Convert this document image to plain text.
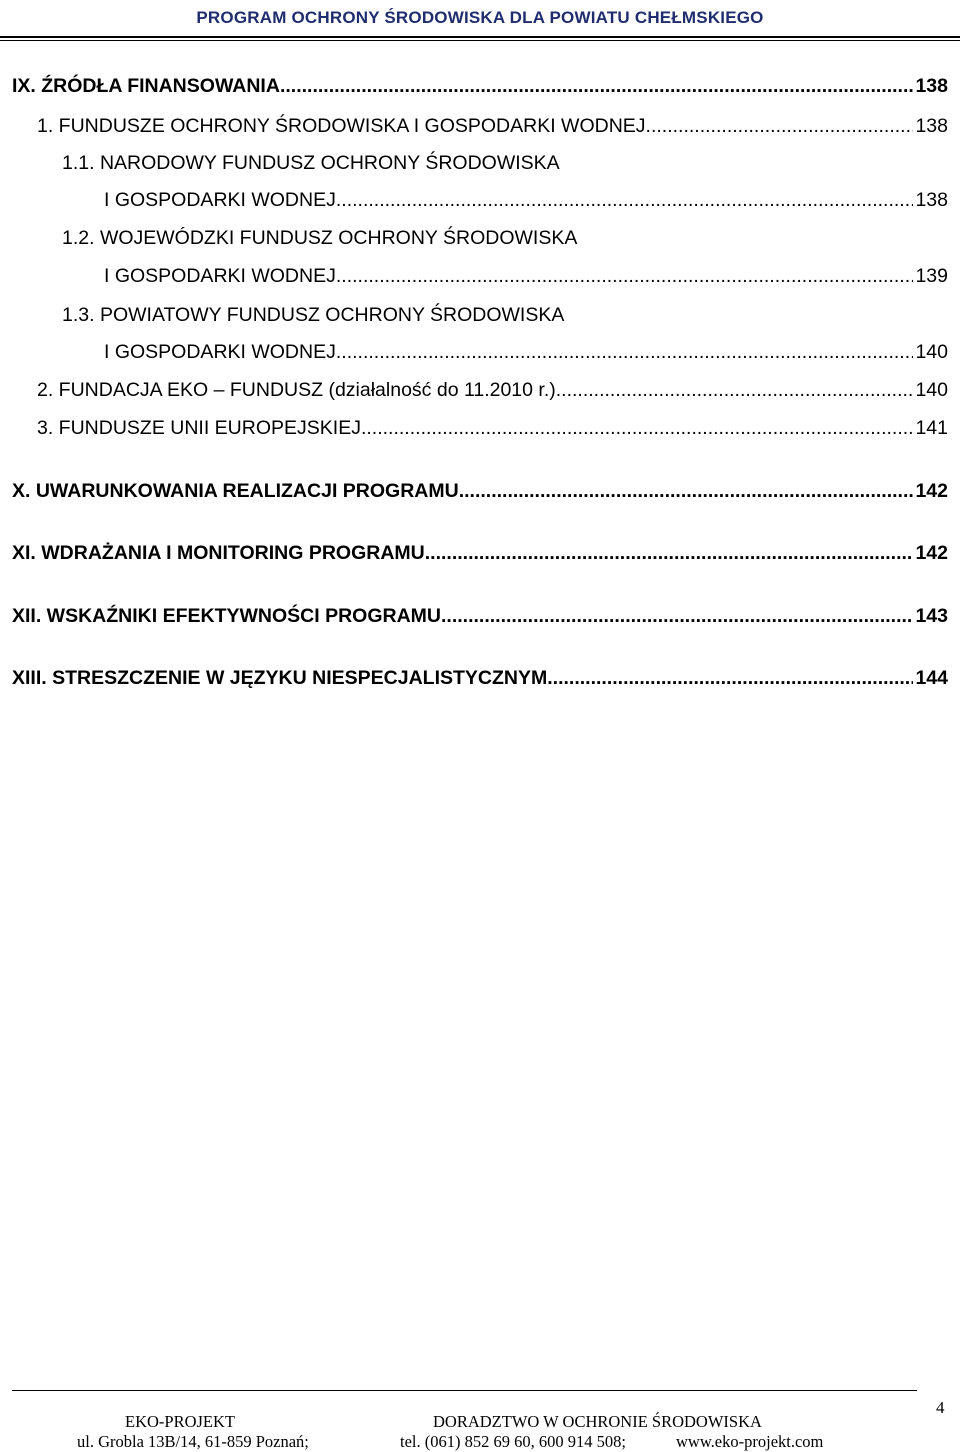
PROGRAM OCHRONY ŚRODOWISKA DLA POWIATU CHEŁMSKIEGO
IX. ŹRÓDŁA FINANSOWANIA .....	138
1. FUNDUSZE OCHRONY ŚRODOWISKA I GOSPODARKI WODNEJ .....	138
1.1. NARODOWY FUNDUSZ OCHRONY ŚRODOWISKA
I GOSPODARKI WODNEJ .....	138
1.2. WOJEWÓDZKI FUNDUSZ OCHRONY ŚRODOWISKA
I GOSPODARKI WODNEJ .....	139
1.3. POWIATOWY FUNDUSZ OCHRONY ŚRODOWISKA
I GOSPODARKI WODNEJ .....	140
2. FUNDACJA EKO – FUNDUSZ (działalność do 11.2010 r.) .....	140
3. FUNDUSZE UNII EUROPEJSKIEJ .....	141
X. UWARUNKOWANIA REALIZACJI PROGRAMU .....	142
XI. WDRAŻANIA I MONITORING PROGRAMU .....	142
XII. WSKAŹNIKI EFEKTYWNOŚCI PROGRAMU .....	143
XIII. STRESZCZENIE W JĘZYKU NIESPECJALISTYCZNYM .....	144
4
EKO-PROJEKT	DORADZTWO W OCHRONIE ŚRODOWISKA
ul. Grobla 13B/14, 61-859 Poznań;	tel. (061) 852 69 60, 600 914 508;	www.eko-projekt.com
